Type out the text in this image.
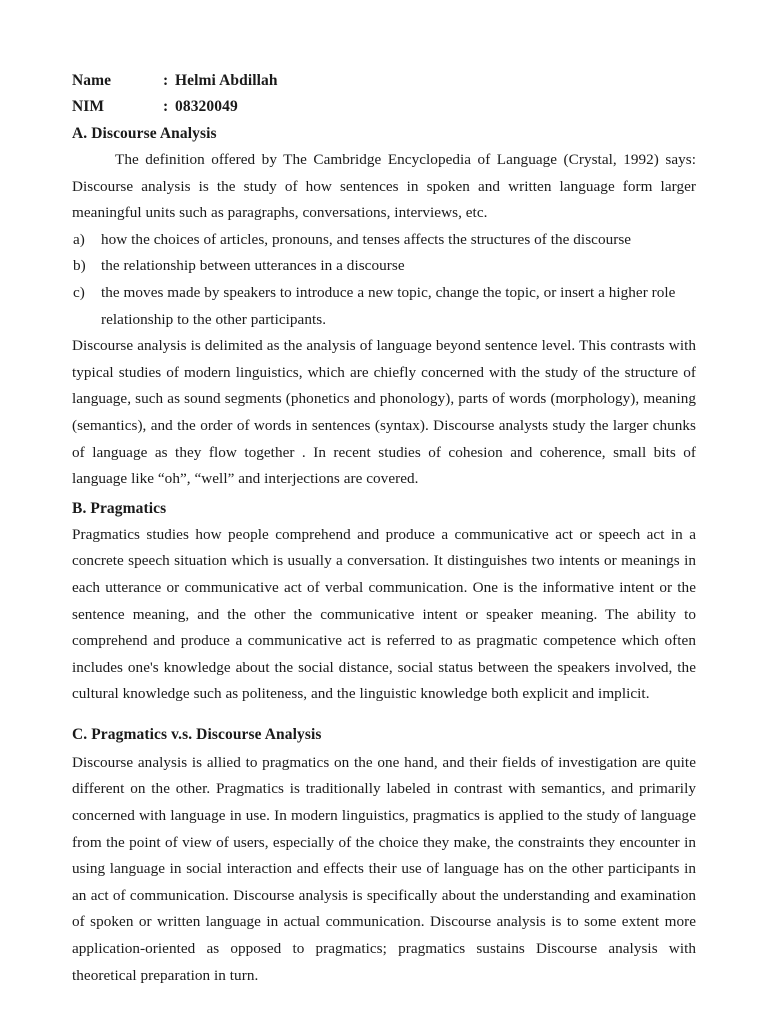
Name	: Helmi Abdillah
NIM	: 08320049
A. Discourse Analysis

The definition offered by The Cambridge Encyclopedia of Language (Crystal, 1992) says: Discourse analysis is the study of how sentences in spoken and written language form larger meaningful units such as paragraphs, conversations, interviews, etc.

a)	how the choices of articles, pronouns, and tenses affects the structures of the discourse
b)	the relationship between utterances in a discourse
c)	the moves made by speakers to introduce a new topic, change the topic, or insert a higher role relationship to the other participants.

Discourse analysis is delimited as the analysis of language beyond sentence level. This contrasts with typical studies of modern linguistics, which are chiefly concerned with the study of the structure of language, such as sound segments (phonetics and phonology), parts of words (morphology), meaning (semantics), and the order of words in sentences (syntax). Discourse analysts study the larger chunks of language as they flow together . In recent studies of cohesion and coherence, small bits of language like “oh”, “well” and interjections are covered.

B. Pragmatics

Pragmatics studies how people comprehend and produce a communicative act or speech act in a concrete speech situation which is usually a conversation. It distinguishes two intents or meanings in each utterance or communicative act of verbal communication. One is the informative intent or the sentence meaning, and the other the communicative intent or speaker meaning. The ability to comprehend and produce a communicative act is referred to as pragmatic competence which often includes one's knowledge about the social distance, social status between the speakers involved, the cultural knowledge such as politeness, and the linguistic knowledge both explicit and implicit.

C. Pragmatics v.s. Discourse Analysis

Discourse analysis is allied to pragmatics on the one hand, and their fields of investigation are quite different on the other. Pragmatics is traditionally labeled in contrast with semantics, and primarily concerned with language in use. In modern linguistics, pragmatics is applied to the study of language from the point of view of users, especially of the choice they make, the constraints they encounter in using language in social interaction and effects their use of language has on the other participants in an act of communication. Discourse analysis is specifically about the understanding and examination of spoken or written language in actual communication. Discourse analysis is to some extent more application-oriented as opposed to pragmatics; pragmatics sustains Discourse analysis with theoretical preparation in turn.
